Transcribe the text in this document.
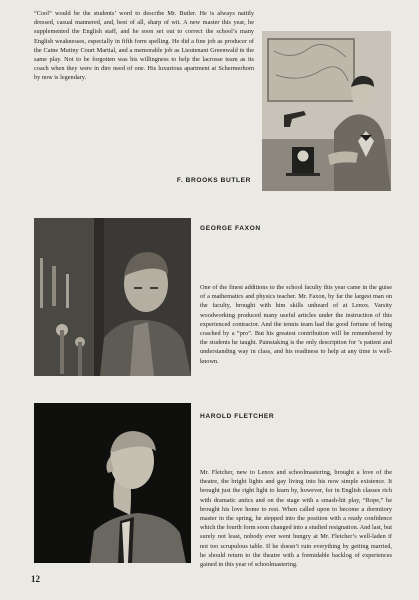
“Cool” would be the students’ word to describe Mr. Butler. He is always nattily dressed, casual mannered, and, best of all, sharp of wit. A new master this year, he supplemented the English staff, and he soon set out to correct the school’s many English weaknesses, especially in fifth form spelling. He did a fine job as producer of the Caine Mutiny Court Martial, and a memorable job as Lieutenant Greenwald in the same play. Not to be forgotten was his willingness to help the lacrosse team as its coach when they were in dire need of one. His luxurious apartment at Schermerhorn by now is legendary.
F. BROOKS BUTLER
GEORGE FAXON
One of the finest additions to the school faculty this year came in the guise of a mathematics and physics teacher. Mr. Faxon, by far the largest man on the faculty, brought with him skills unheard of at Lenox. Varsity woodworking produced many useful articles under the instruction of this experienced contractor. And the tennis team had the good fortune of being coached by a “pro”. But his greatest contribution will be remembered by the students he taught. Painstaking is the only description for ’s patient and understanding way in class, and his readiness to help at any time is well-known.
HAROLD FLETCHER
Mr. Fletcher, new to Lenox and schoolmastering, brought a love of the theatre, the bright lights and gay living into his now simple existence. It brought just the right light to learn by, however, for in English classes rich with dramatic antics and on the stage with a smash-hit play, “Rope,” he brought his love home to rest. When called upon to become a dormitory master in the spring, he stepped into the position with a ready confidence which the fourth form soon changed into a studied resignation. And last, but surely not least, nobody ever went hungry at Mr. Fletcher’s well-laden if not too scrupulous table. If he doesn’t ruin everything by getting married, he should return to the theatre with a formidable backlog of experiences gained in this year of schoolmastering.
12
